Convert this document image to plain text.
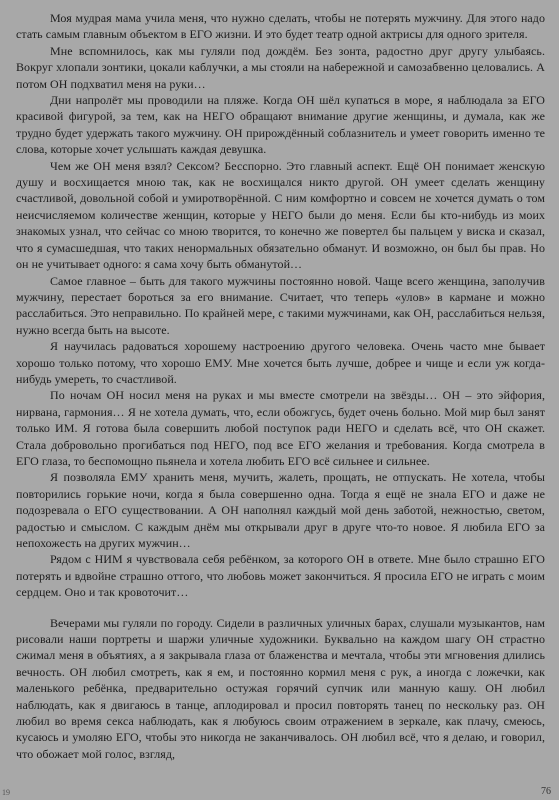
Моя мудрая мама учила меня, что нужно сделать, чтобы не потерять мужчину. Для этого надо стать самым главным объектом в ЕГО жизни. И это будет театр одной актрисы для одного зрителя.

Мне вспомнилось, как мы гуляли под дождём. Без зонта, радостно друг другу улыбаясь. Вокруг хлопали зонтики, цокали каблучки, а мы стояли на набережной и самозабвенно целовались. А потом ОН подхватил меня на руки…

Дни напролёт мы проводили на пляже. Когда ОН шёл купаться в море, я наблюдала за ЕГО красивой фигурой, за тем, как на НЕГО обращают внимание другие женщины, и думала, как же трудно будет удержать такого мужчину. ОН прирождённый соблазнитель и умеет говорить именно те слова, которые хочет услышать каждая девушка.

Чем же ОН меня взял? Сексом? Бесспорно. Это главный аспект. Ещё ОН понимает женскую душу и восхищается мною так, как не восхищался никто другой. ОН умеет сделать женщину счастливой, довольной собой и умиротворённой. С ним комфортно и совсем не хочется думать о том неисчисляемом количестве женщин, которые у НЕГО были до меня. Если бы кто-нибудь из моих знакомых узнал, что сейчас со мною творится, то конечно же повертел бы пальцем у виска и сказал, что я сумасшедшая, что таких ненормальных обязательно обманут. И возможно, он был бы прав. Но он не учитывает одного: я сама хочу быть обманутой…

Самое главное – быть для такого мужчины постоянно новой. Чаще всего женщина, заполучив мужчину, перестает бороться за его внимание. Считает, что теперь «улов» в кармане и можно расслабиться. Это неправильно. По крайней мере, с такими мужчинами, как ОН, расслабиться нельзя, нужно всегда быть на высоте.

Я научилась радоваться хорошему настроению другого человека. Очень часто мне бывает хорошо только потому, что хорошо ЕМУ. Мне хочется быть лучше, добрее и чище и если уж когда-нибудь умереть, то счастливой.

По ночам ОН носил меня на руках и мы вместе смотрели на звёзды… ОН – это эйфория, нирвана, гармония… Я не хотела думать, что, если обожгусь, будет очень больно. Мой мир был занят только ИМ. Я готова была совершить любой поступок ради НЕГО и сделать всё, что ОН скажет. Стала добровольно прогибаться под НЕГО, под все ЕГО желания и требования. Когда смотрела в ЕГО глаза, то беспомощно пьянела и хотела любить ЕГО всё сильнее и сильнее.

Я позволяла ЕМУ хранить меня, мучить, жалеть, прощать, не отпускать. Не хотела, чтобы повторились горькие ночи, когда я была совершенно одна. Тогда я ещё не знала ЕГО и даже не подозревала о ЕГО существовании. А ОН наполнял каждый мой день заботой, нежностью, светом, радостью и смыслом. С каждым днём мы открывали друг в друге что-то новое. Я любила ЕГО за непохожесть на других мужчин…

Рядом с НИМ я чувствовала себя ребёнком, за которого ОН в ответе. Мне было страшно ЕГО потерять и вдвойне страшно оттого, что любовь может закончиться. Я просила ЕГО не играть с моим сердцем. Оно и так кровоточит…

Вечерами мы гуляли по городу. Сидели в различных уличных барах, слушали музыкантов, нам рисовали наши портреты и шаржи уличные художники. Буквально на каждом шагу ОН страстно сжимал меня в объятиях, а я закрывала глаза от блаженства и мечтала, чтобы эти мгновения длились вечность. ОН любил смотреть, как я ем, и постоянно кормил меня с рук, а иногда с ложечки, как маленького ребёнка, предварительно остужая горячий супчик или манную кашу. ОН любил наблюдать, как я двигаюсь в танце, аплодировал и просил повторять танец по нескольку раз. ОН любил во время секса наблюдать, как я любуюсь своим отражением в зеркале, как плачу, смеюсь, кусаюсь и умоляю ЕГО, чтобы это никогда не заканчивалось. ОН любил всё, что я делаю, и говорил, что обожает мой голос, взгляд,

19	76
